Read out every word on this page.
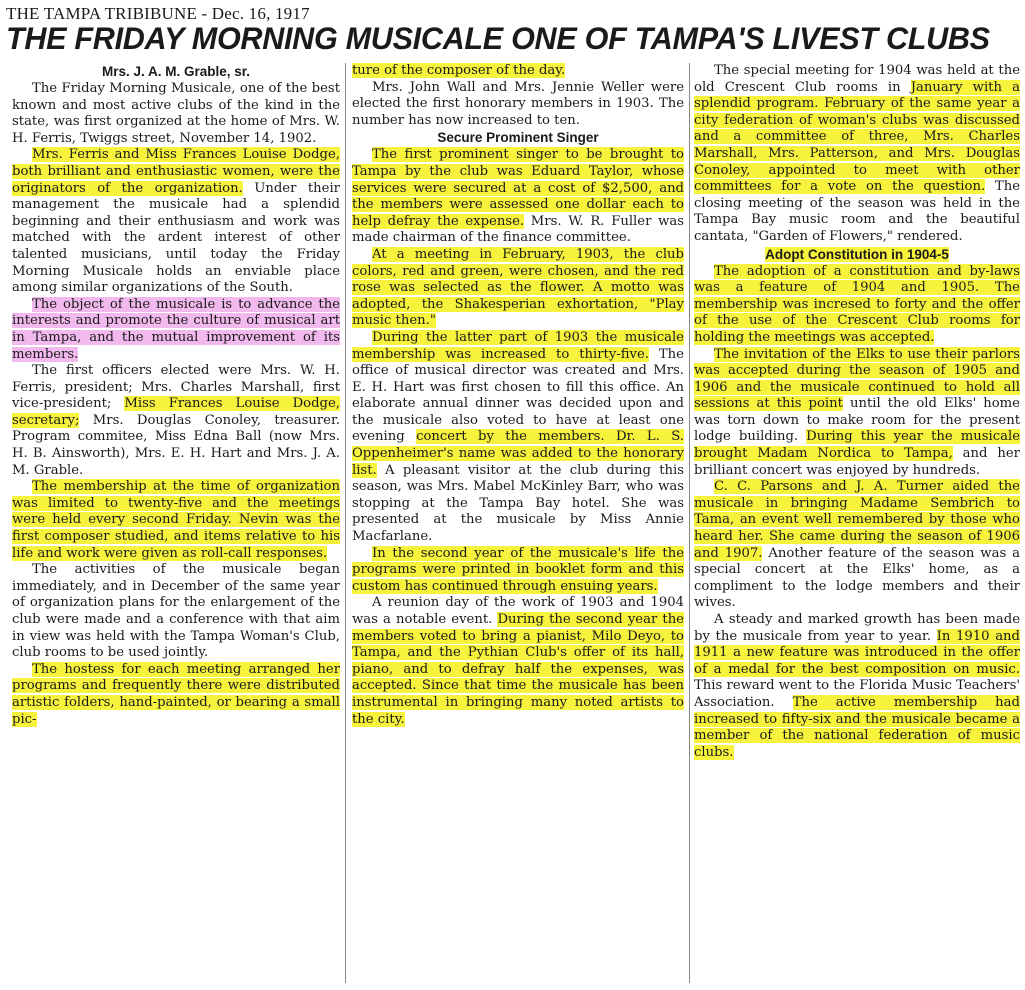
THE TAMPA TRIBIBUNE - Dec. 16, 1917
THE FRIDAY MORNING MUSICALE ONE OF TAMPA'S LIVEST CLUBS
Mrs. J. A. M. Grable, sr.

The Friday Morning Musicale, one of the best known and most active clubs of the kind in the state, was first organized at the home of Mrs. W. H. Ferris, Twiggs street, November 14, 1902.

Mrs. Ferris and Miss Frances Louise Dodge, both brilliant and enthusiastic women, were the originators of the organization. Under their management the musicale had a splendid beginning and their enthusiasm and work was matched with the ardent interest of other talented musicians, until today the Friday Morning Musicale holds an enviable place among similar organizations of the South.

The object of the musicale is to advance the interests and promote the culture of musical art in Tampa, and the mutual improvement of its members.

The first officers elected were Mrs. W. H. Ferris, president; Mrs. Charles Marshall, first vice-president; Miss Frances Louise Dodge, secretary; Mrs. Douglas Conoley, treasurer. Program commitee, Miss Edna Ball (now Mrs. H. B. Ainsworth), Mrs. E. H. Hart and Mrs. J. A. M. Grable.

The membership at the time of organization was limited to twenty-five and the meetings were held every second Friday. Nevin was the first composer studied, and items relative to his life and work were given as roll-call responses.

The activities of the musicale began immediately, and in December of the same year of organization plans for the enlargement of the club were made and a conference with that aim in view was held with the Tampa Woman's Club, club rooms to be used jointly.

The hostess for each meeting arranged her programs and frequently there were distributed artistic folders, hand-painted, or bearing a small pic-

ture of the composer of the day.

Mrs. John Wall and Mrs. Jennie Weller were elected the first honorary members in 1903. The number has now increased to ten.

Secure Prominent Singer

The first prominent singer to be brought to Tampa by the club was Eduard Taylor, whose services were secured at a cost of $2,500, and the members were assessed one dollar each to help defray the expense. Mrs. W. R. Fuller was made chairman of the finance committee.

At a meeting in February, 1903, the club colors, red and green, were chosen, and the red rose was selected as the flower. A motto was adopted, the Shakesperian exhortation, "Play music then."

During the latter part of 1903 the musicale membership was increased to thirty-five. The office of musical director was created and Mrs. E. H. Hart was first chosen to fill this office. An elaborate annual dinner was decided upon and the musicale also voted to have at least one evening concert by the members. Dr. L. S. Oppenheimer's name was added to the honorary list. A pleasant visitor at the club during this season, was Mrs. Mabel McKinley Barr, who was stopping at the Tampa Bay hotel. She was presented at the musicale by Miss Annie Macfarlane.

In the second year of the musicale's life the programs were printed in booklet form and this custom has continued through ensuing years.

A reunion day of the work of 1903 and 1904 was a notable event. During the second year the members voted to bring a pianist, Milo Deyo, to Tampa, and the Pythian Club's offer of its hall, piano, and to defray half the expenses, was accepted. Since that time the musicale has been instrumental in bringing many noted artists to the city.

The special meeting for 1904 was held at the old Crescent Club rooms in January with a splendid program. February of the same year a city federation of woman's clubs was discussed and a committee of three, Mrs. Charles Marshall, Mrs. Patterson, and Mrs. Douglas Conoley, appointed to meet with other committees for a vote on the question. The closing meeting of the season was held in the Tampa Bay music room and the beautiful cantata, "Garden of Flowers," rendered.

Adopt Constitution in 1904-5

The adoption of a constitution and by-laws was a feature of 1904 and 1905. The membership was incresed to forty and the offer of the use of the Crescent Club rooms for holding the meetings was accepted.

The invitation of the Elks to use their parlors was accepted during the season of 1905 and 1906 and the musicale continued to hold all sessions at this point until the old Elks' home was torn down to make room for the present lodge building. During this year the musicale brought Madam Nordica to Tampa, and her brilliant concert was enjoyed by hundreds.

C. C. Parsons and J. A. Turner aided the musicale in bringing Madame Sembrich to Tama, an event well remembered by those who heard her. She came during the season of 1906 and 1907. Another feature of the season was a special concert at the Elks' home, as a compliment to the lodge members and their wives.

A steady and marked growth has been made by the musicale from year to year. In 1910 and 1911 a new feature was introduced in the offer of a medal for the best composition on music. This reward went to the Florida Music Teachers' Association. The active membership had increased to fifty-six and the musicale became a member of the national federation of music clubs.
